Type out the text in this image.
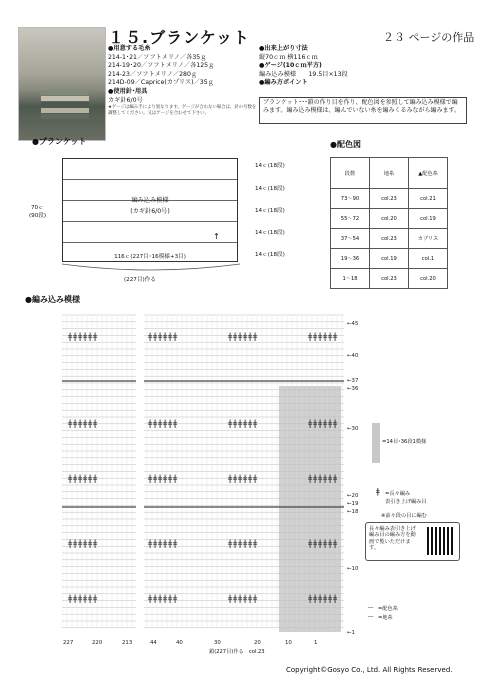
１５.ブランケット	２３ ページの作品
●用意する毛糸
214-1･21／ソフトメリノ／各35ｇ
214-19･20／ソフトメリノ／各125ｇ
214-23／ソフトメリノ／280ｇ
214D-09／Caprice(カプリス)／35ｇ
●使用針･用具
カギ針6/0号
★ゲージは編み手により異なります。ゲージが合わない場合は、針の号数を調整してください。又はゲージを合わせて下さい。
●出来上がり寸法
縦70ｃｍ 横116ｃｍ
●ゲージ(10ｃｍ平方)
編み込み模様　　19.5目×13段
●編み方ポイント
ブランケット･･･鎖の作り目を作り、配色図を参照して編み込み模様で編みます。編み込み模様は、編んでいない糸を編みくるみながら編みます。
●ブランケット
編み込み模様
(カギ針6/0号)
116ｃ(227目･16模様+3目)
↑
70ｃ
(90段)
(227目)作る
14ｃ(18段)
14ｃ(18段)
14ｃ(18段)
14ｃ(18段)
14ｃ(18段)
●配色図
段数	地糸	▲配色糸
73〜90	col.23	col.21
55〜72	col.20	col.19
37〜54	col.23	カプリス
19〜36	col.19	col.1
1〜18	col.23	col.20
●編み込み模様
ǂ ǂ ǂ ǂ ǂ ǂ	ǂ ǂ ǂ ǂ ǂ ǂ	ǂ ǂ ǂ ǂ ǂ ǂ	ǂ ǂ ǂ ǂ ǂ ǂ
ǂ ǂ ǂ ǂ ǂ ǂ	ǂ ǂ ǂ ǂ ǂ ǂ	ǂ ǂ ǂ ǂ ǂ ǂ	ǂ ǂ ǂ ǂ ǂ ǂ
ǂ ǂ ǂ ǂ ǂ ǂ	ǂ ǂ ǂ ǂ ǂ ǂ	ǂ ǂ ǂ ǂ ǂ ǂ	ǂ ǂ ǂ ǂ ǂ ǂ
ǂ ǂ ǂ ǂ ǂ ǂ	ǂ ǂ ǂ ǂ ǂ ǂ	ǂ ǂ ǂ ǂ ǂ ǂ	ǂ ǂ ǂ ǂ ǂ ǂ
ǂ ǂ ǂ ǂ ǂ ǂ	ǂ ǂ ǂ ǂ ǂ ǂ	ǂ ǂ ǂ ǂ ǂ ǂ	ǂ ǂ ǂ ǂ ǂ ǂ
←45
←40
←37
←36
←30
←20
←19
←18
←10
←1
227	220	213	44	40	30	20	10	1
=14目･36段1模様
ǂ =長々編み
表引き上げ編み目
※前々段の目に編む
長々編み表引き上げ編み目の編み方を動画で覧いただけます。
― =配色糸
― =地糸
鎖(227目)作る　col.23
Copyright©Gosyo Co., Ltd. All Rights Reserved.
